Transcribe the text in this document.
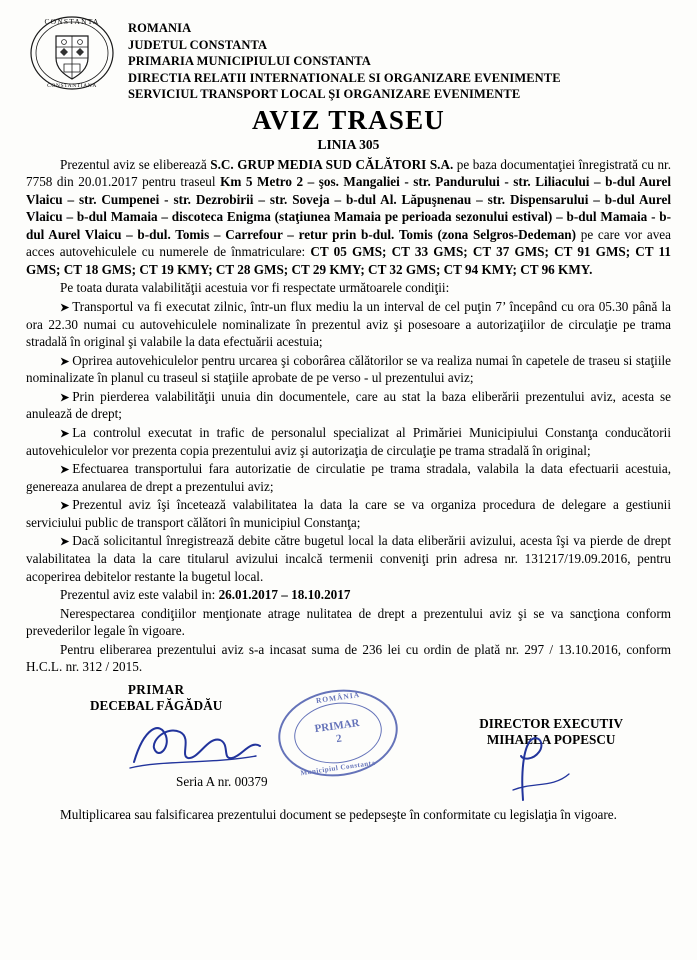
CONSTANTA
CONSTANTIANA
ROMANIA
JUDETUL CONSTANTA
PRIMARIA MUNICIPIULUI CONSTANTA
DIRECTIA RELATII INTERNATIONALE SI ORGANIZARE EVENIMENTE
SERVICIUL TRANSPORT LOCAL ŞI ORGANIZARE EVENIMENTE
AVIZ TRASEU
LINIA 305

Prezentul aviz se eliberează S.C. GRUP MEDIA SUD CĂLĂTORI S.A. pe baza documentaţiei înregistrată cu nr. 7758 din 20.01.2017 pentru traseul Km 5 Metro 2 – şos. Mangaliei - str. Pandurului - str. Liliacului – b-dul Aurel Vlaicu – str. Cumpenei - str. Dezrobirii – str. Soveja – b-dul Al. Lăpuşnenau – str. Dispensarului – b-dul Aurel Vlaicu – b-dul Mamaia – discoteca Enigma (staţiunea Mamaia pe perioada sezonului estival) – b-dul Mamaia - b-dul Aurel Vlaicu – b-dul. Tomis – Carrefour – retur prin b-dul. Tomis (zona Selgros-Dedeman) pe care vor avea acces autovehiculele cu numerele de înmatriculare: CT 05 GMS; CT 33 GMS; CT 37 GMS; CT 91 GMS; CT 11 GMS; CT 18 GMS; CT 19 KMY; CT 28 GMS; CT 29 KMY; CT 32 GMS; CT 94 KMY; CT 96 KMY.

Pe toata durata valabilităţii acestuia vor fi respectate următoarele condiţii:

➤ Transportul va fi executat zilnic, într-un flux mediu la un interval de cel puţin 7’ începând cu ora 05.30 până la ora 22.30 numai cu autovehiculele nominalizate în prezentul aviz şi posesoare a autorizaţiilor de circulaţie pe trama stradală în original şi valabile la data efectuării acestuia;

➤ Oprirea autovehiculelor pentru urcarea şi coborârea călătorilor se va realiza numai în capetele de traseu si staţiile nominalizate în planul cu traseul si staţiile aprobate de pe verso - ul prezentului aviz;

➤ Prin pierderea valabilităţii unuia din documentele, care au stat la baza eliberării prezentului aviz, acesta se anulează de drept;

➤ La controlul executat in trafic de personalul specializat al Primăriei Municipiului Constanţa conducătorii autovehiculelor vor prezenta copia prezentului aviz şi autorizaţia de circulaţie pe trama stradală în original;

➤ Efectuarea transportului fara autorizatie de circulatie pe trama stradala, valabila la data efectuarii acestuia, genereaza anularea de drept a prezentului aviz;

➤ Prezentul aviz îşi încetează valabilitatea la data la care se va organiza procedura de delegare a gestiunii serviciului public de transport călători în municipiul Constanţa;

➤ Dacă solicitantul înregistrează debite către bugetul local la data eliberării avizului, acesta îşi va pierde de drept valabilitatea la data la care titularul avizului incalcă termenii conveniţi prin adresa nr. 131217/19.09.2016, pentru acoperirea debitelor restante la bugetul local.

Prezentul aviz este valabil in: 26.01.2017 – 18.10.2017

Nerespectarea condiţiilor menţionate atrage nulitatea de drept a prezentului aviz şi se va sancţiona conform prevederilor legale în vigoare.

Pentru eliberarea prezentului aviz s-a incasat suma de 236 lei cu ordin de plată nr. 297 / 13.10.2016, conform H.C.L. nr. 312 / 2015.

PRIMAR
DECEBAL FĂGĂDĂU
ROMÂNIA
PRIMAR
2
Municipiul Constanţa
DIRECTOR EXECUTIV
MIHAELA POPESCU
Seria A nr. 00379

Multiplicarea sau falsificarea prezentului document se pedepseşte în conformitate cu legislaţia în vigoare.
